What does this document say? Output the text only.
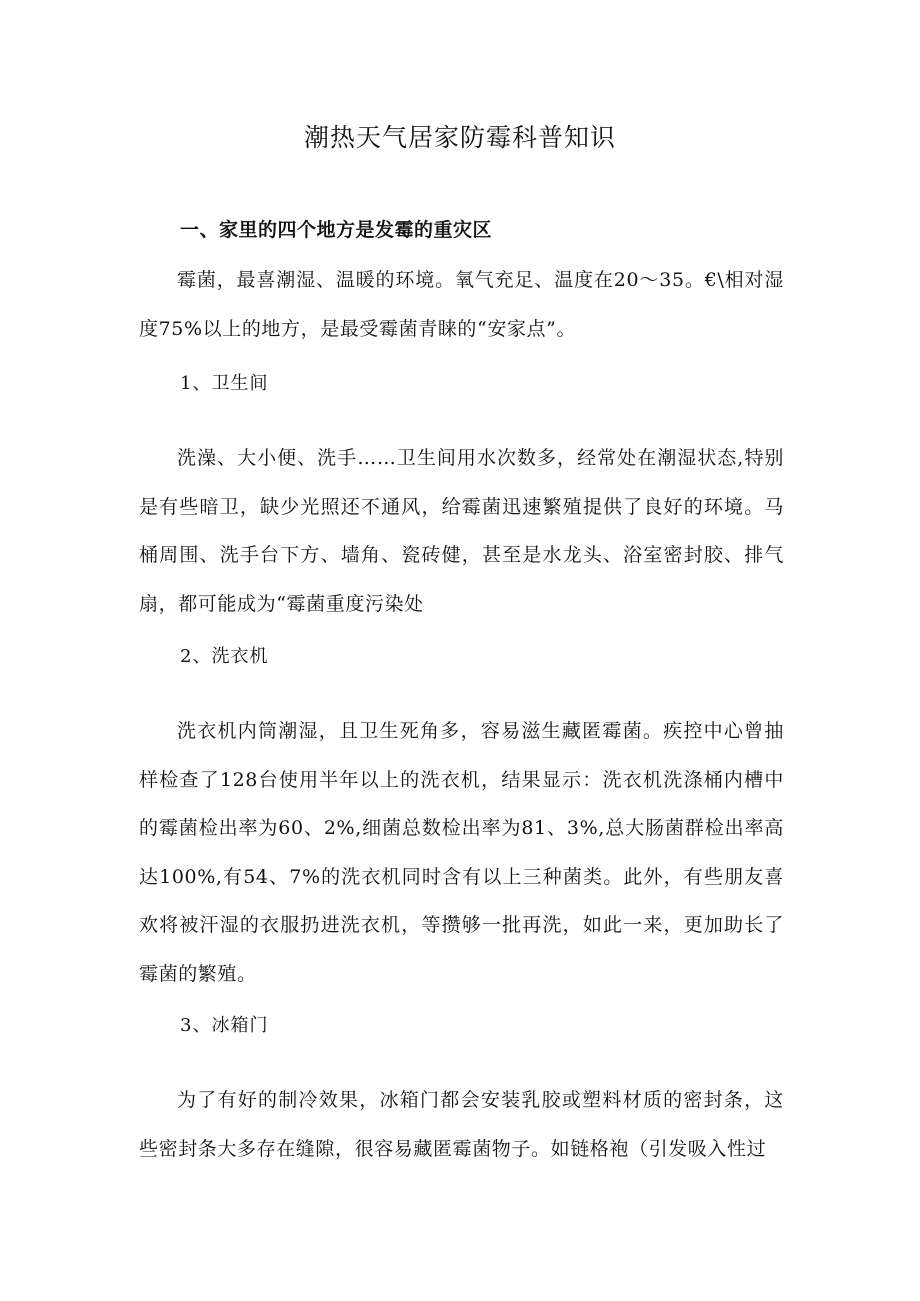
潮热天气居家防霉科普知识
一、家里的四个地方是发霉的重灾区

霉菌，最喜潮湿、温暖的环境。氧气充足、温度在20～35。€\相对湿度75%以上的地方，是最受霉菌青睐的“安家点”。

1、卫生间

洗澡、大小便、洗手……卫生间用水次数多，经常处在潮湿状态,特别是有些暗卫，缺少光照还不通风，给霉菌迅速繁殖提供了良好的环境。马桶周围、洗手台下方、墙角、瓷砖健，甚至是水龙头、浴室密封胶、排气扇，都可能成为“霉菌重度污染处

2、洗衣机

洗衣机内筒潮湿，且卫生死角多，容易滋生藏匿霉菌。疾控中心曾抽样检查了128台使用半年以上的洗衣机，结果显示：洗衣机洗涤桶内槽中的霉菌检出率为60、2%,细菌总数检出率为81、3%,总大肠菌群检出率高达100%,有54、7%的洗衣机同时含有以上三种菌类。此外，有些朋友喜欢将被汗湿的衣服扔进洗衣机，等攒够一批再洗，如此一来，更加助长了霉菌的繁殖。

3、冰箱门

为了有好的制冷效果，冰箱门都会安装乳胶或塑料材质的密封条，这些密封条大多存在缝隙，很容易藏匿霉菌物子。如链格袍（引发吸入性过
